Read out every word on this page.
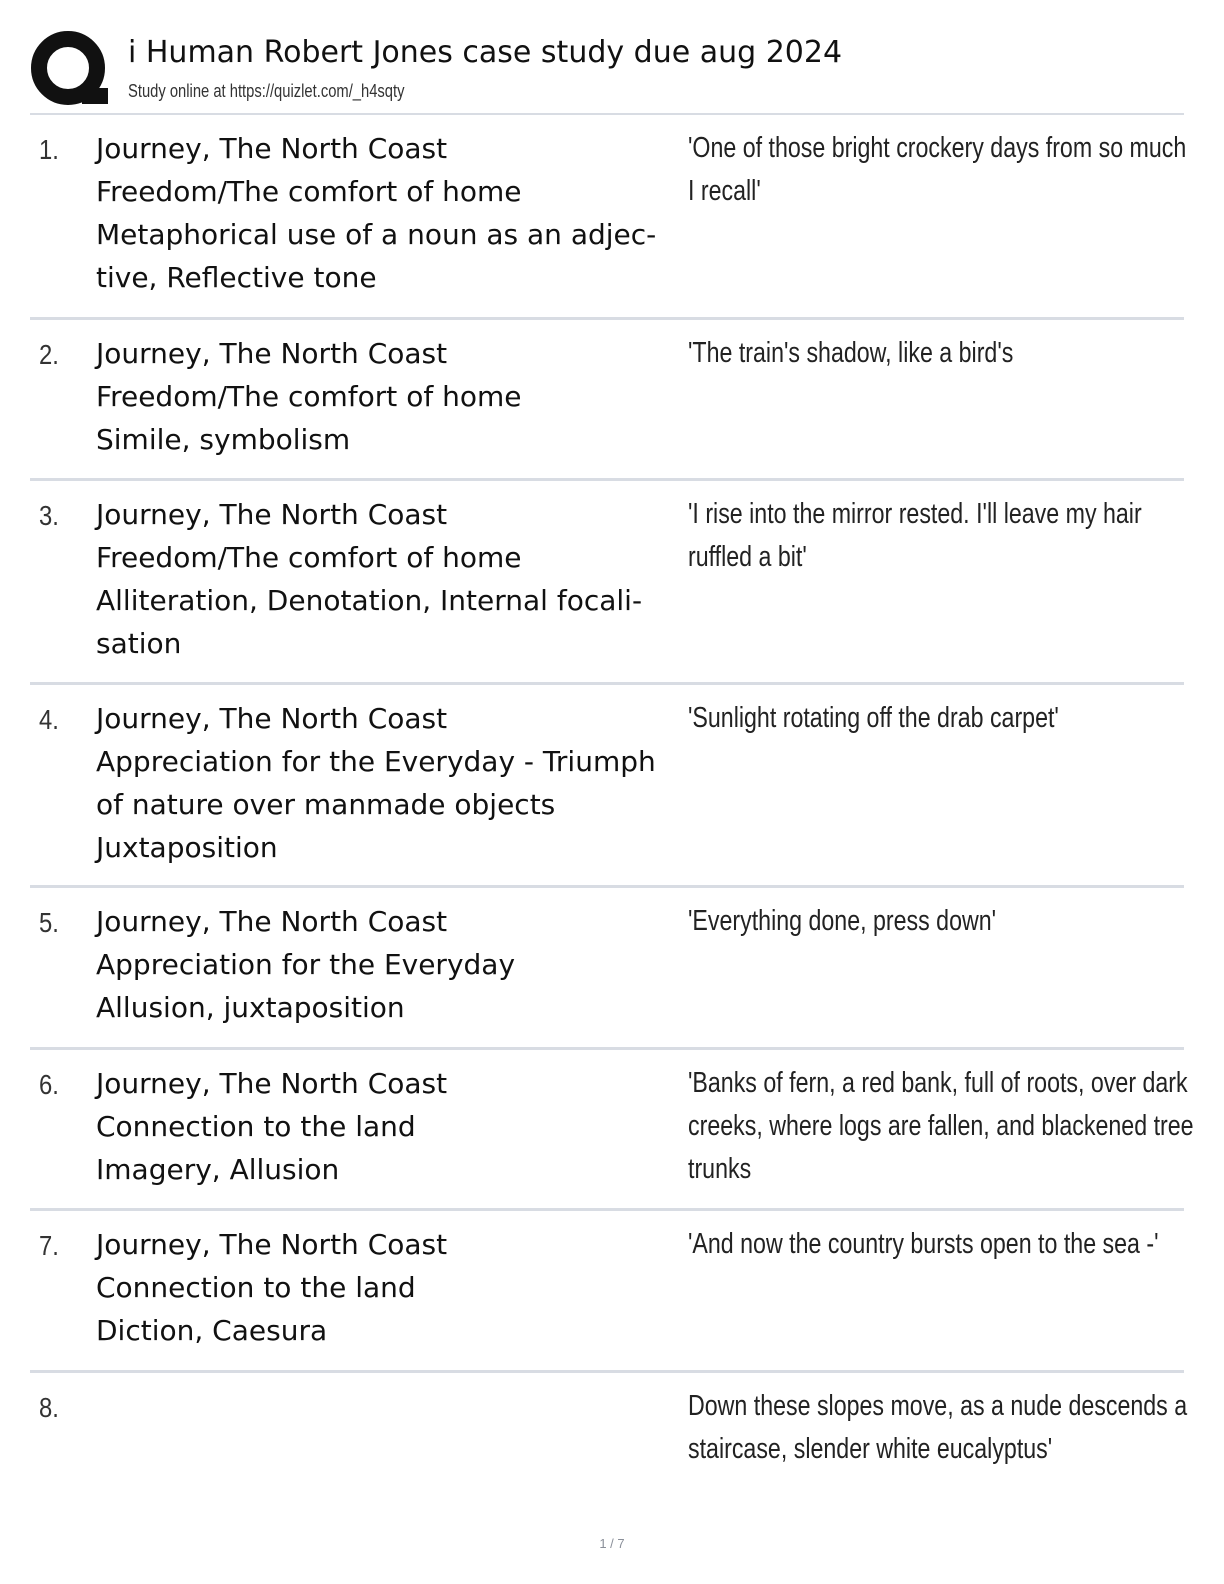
i Human Robert Jones case study due aug 2024
Study online at https://quizlet.com/_h4sqty
1. Journey, The North Coast
Freedom/The comfort of home
Metaphorical use of a noun as an adjec-
tive, Reflective tone
'One of those bright crockery days from so much
I recall'
2. Journey, The North Coast
Freedom/The comfort of home
Simile, symbolism
'The train's shadow, like a bird's
3. Journey, The North Coast
Freedom/The comfort of home
Alliteration, Denotation, Internal focali-
sation
'I rise into the mirror rested. I'll leave my hair
ruffled a bit'
4. Journey, The North Coast
Appreciation for the Everyday - Triumph
of nature over manmade objects
Juxtaposition
'Sunlight rotating off the drab carpet'
5. Journey, The North Coast
Appreciation for the Everyday
Allusion, juxtaposition
'Everything done, press down'
6. Journey, The North Coast
Connection to the land
Imagery, Allusion
'Banks of fern, a red bank, full of roots, over dark
creeks, where logs are fallen, and blackened tree
trunks
7. Journey, The North Coast
Connection to the land
Diction, Caesura
'And now the country bursts open to the sea -'
8.	Down these slopes move, as a nude descends a
staircase, slender white eucalyptus'
1 / 7
